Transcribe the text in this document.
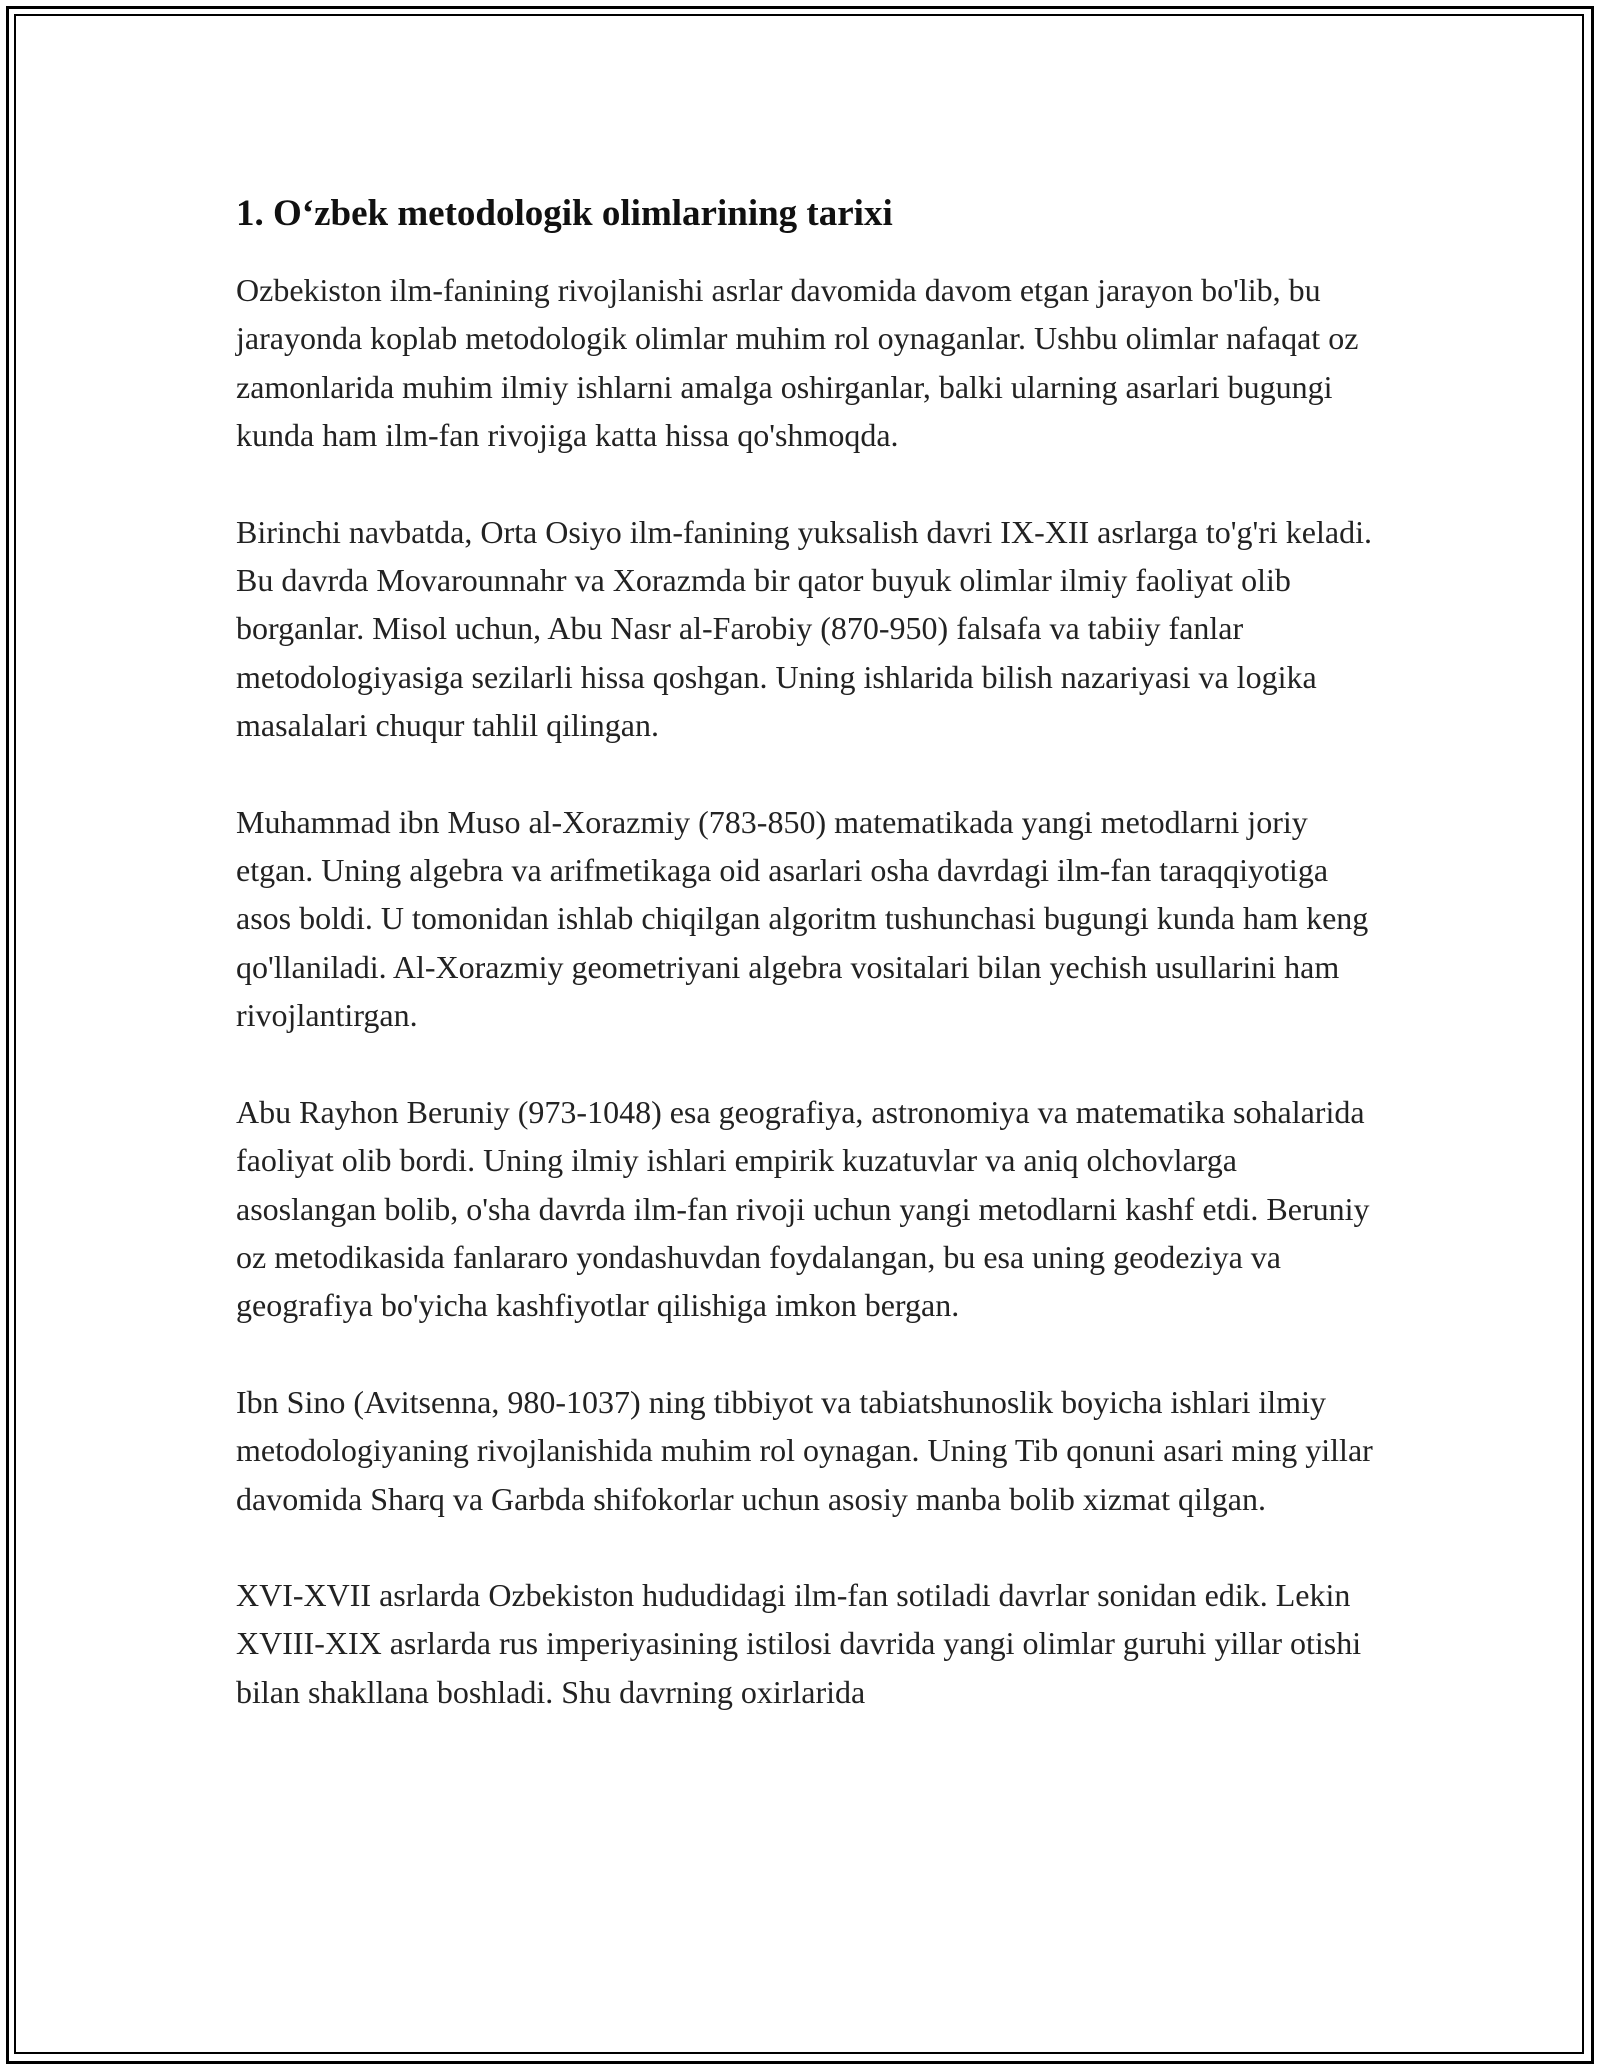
1. O‘zbek metodologik olimlarining tarixi

Ozbekiston ilm-fanining rivojlanishi asrlar davomida davom etgan jarayon bo'lib, bu jarayonda koplab metodologik olimlar muhim rol oynaganlar. Ushbu olimlar nafaqat oz zamonlarida muhim ilmiy ishlarni amalga oshirganlar, balki ularning asarlari bugungi kunda ham ilm-fan rivojiga katta hissa qo'shmoqda.

Birinchi navbatda, Orta Osiyo ilm-fanining yuksalish davri IX-XII asrlarga to'g'ri keladi. Bu davrda Movarounnahr va Xorazmda bir qator buyuk olimlar ilmiy faoliyat olib borganlar. Misol uchun, Abu Nasr al-Farobiy (870-950) falsafa va tabiiy fanlar metodologiyasiga sezilarli hissa qoshgan. Uning ishlarida bilish nazariyasi va logika masalalari chuqur tahlil qilingan.

Muhammad ibn Muso al-Xorazmiy (783-850) matematikada yangi metodlarni joriy etgan. Uning algebra va arifmetikaga oid asarlari osha davrdagi ilm-fan taraqqiyotiga asos boldi. U tomonidan ishlab chiqilgan algoritm tushunchasi bugungi kunda ham keng qo'llaniladi. Al-Xorazmiy geometriyani algebra vositalari bilan yechish usullarini ham rivojlantirgan.

Abu Rayhon Beruniy (973-1048) esa geografiya, astronomiya va matematika sohalarida faoliyat olib bordi. Uning ilmiy ishlari empirik kuzatuvlar va aniq olchovlarga asoslangan bolib, o'sha davrda ilm-fan rivoji uchun yangi metodlarni kashf etdi. Beruniy oz metodikasida fanlararo yondashuvdan foydalangan, bu esa uning geodeziya va geografiya bo'yicha kashfiyotlar qilishiga imkon bergan.

Ibn Sino (Avitsenna, 980-1037) ning tibbiyot va tabiatshunoslik boyicha ishlari ilmiy metodologiyaning rivojlanishida muhim rol oynagan. Uning Tib qonuni asari ming yillar davomida Sharq va Garbda shifokorlar uchun asosiy manba bolib xizmat qilgan.

XVI-XVII asrlarda Ozbekiston hududidagi ilm-fan sotiladi davrlar sonidan edik. Lekin XVIII-XIX asrlarda rus imperiyasining istilosi davrida yangi olimlar guruhi yillar otishi bilan shakllana boshladi. Shu davrning oxirlarida
